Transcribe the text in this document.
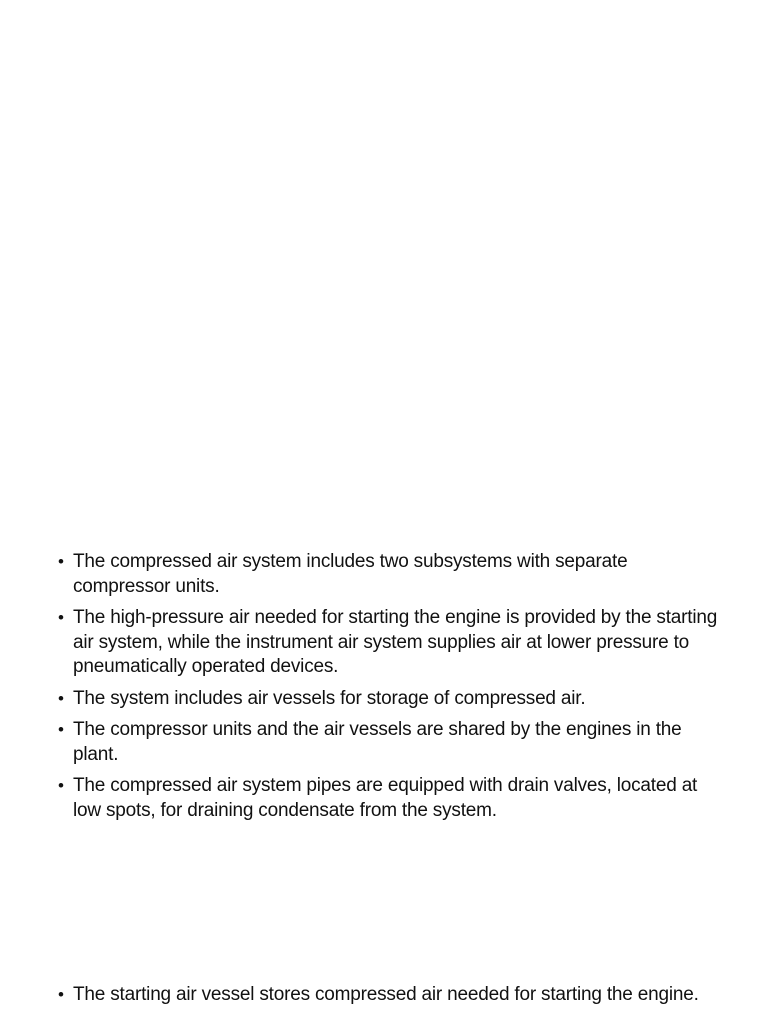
• The compressed air system includes two subsystems with separate compressor units.
• The high-pressure air needed for starting the engine is provided by the starting air system, while the instrument air system supplies air at lower pressure to pneumatically operated devices.
• The system includes air vessels for storage of compressed air.
• The compressor units and the air vessels are shared by the engines in the plant.
• The compressed air system pipes are equipped with drain valves, located at low spots, for draining condensate from the system.
• The starting air vessel stores compressed air needed for starting the engine.
